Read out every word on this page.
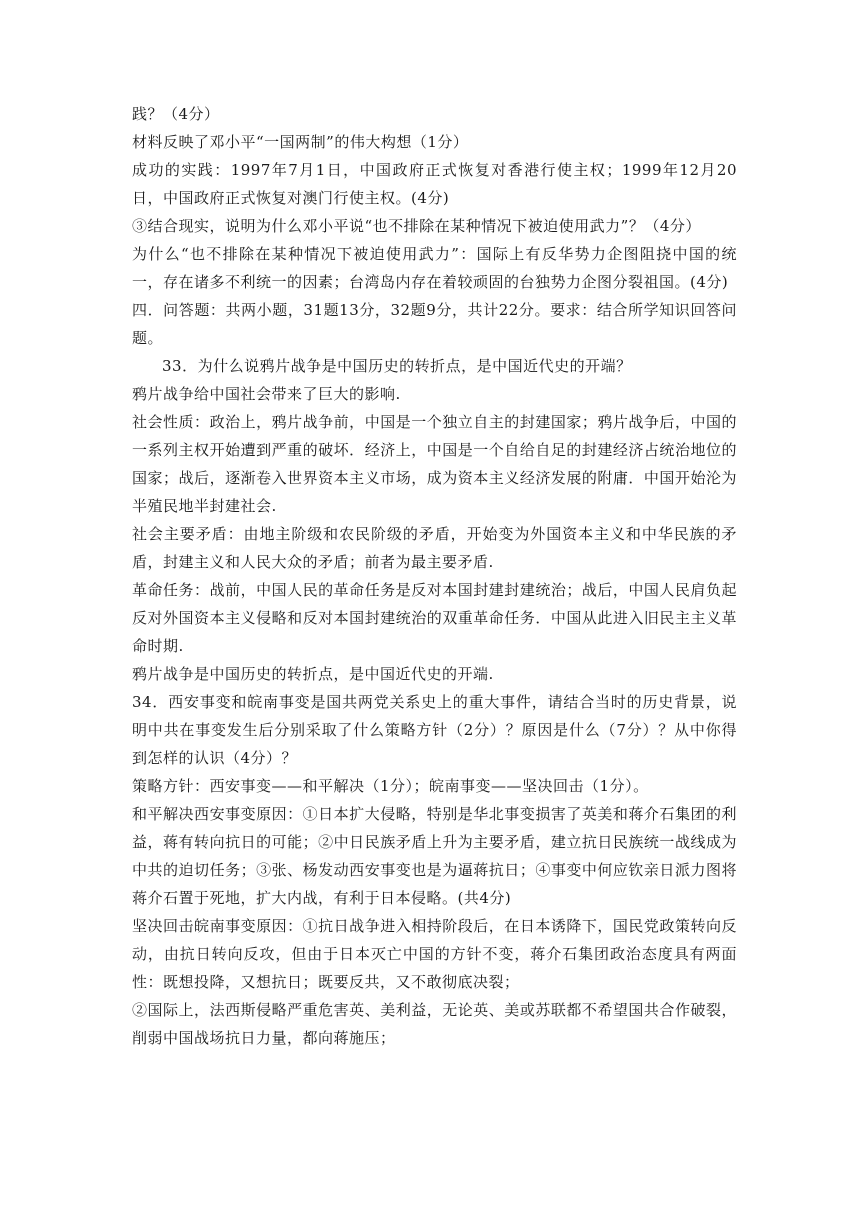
践？（4分）

材料反映了邓小平“一国两制”的伟大构想（1分）

成功的实践：1997年7月1日，中国政府正式恢复对香港行使主权；1999年12月20日，中国政府正式恢复对澳门行使主权。(4分)

③结合现实，说明为什么邓小平说“也不排除在某种情况下被迫使用武力”？（4分）

为什么“也不排除在某种情况下被迫使用武力”：国际上有反华势力企图阻挠中国的统一，存在诸多不利统一的因素；台湾岛内存在着较顽固的台独势力企图分裂祖国。(4分)

四．问答题：共两小题，31题13分，32题9分，共计22分。要求：结合所学知识回答问题。

33．为什么说鸦片战争是中国历史的转折点，是中国近代史的开端？

鸦片战争给中国社会带来了巨大的影响.

社会性质：政治上，鸦片战争前，中国是一个独立自主的封建国家；鸦片战争后，中国的一系列主权开始遭到严重的破坏．经济上，中国是一个自给自足的封建经济占统治地位的国家；战后，逐渐卷入世界资本主义市场，成为资本主义经济发展的附庸．中国开始沦为半殖民地半封建社会.

社会主要矛盾：由地主阶级和农民阶级的矛盾，开始变为外国资本主义和中华民族的矛盾，封建主义和人民大众的矛盾；前者为最主要矛盾.

革命任务：战前，中国人民的革命任务是反对本国封建封建统治；战后，中国人民肩负起反对外国资本主义侵略和反对本国封建统治的双重革命任务．中国从此进入旧民主主义革命时期.

鸦片战争是中国历史的转折点，是中国近代史的开端.

34．西安事变和皖南事变是国共两党关系史上的重大事件，请结合当时的历史背景，说明中共在事变发生后分别采取了什么策略方针（2分）？原因是什么（7分）？从中你得到怎样的认识（4分）？

策略方针：西安事变——和平解决（1分）；皖南事变——坚决回击（1分）。

和平解决西安事变原因：①日本扩大侵略，特别是华北事变损害了英美和蒋介石集团的利益，蒋有转向抗日的可能；②中日民族矛盾上升为主要矛盾，建立抗日民族统一战线成为中共的迫切任务；③张、杨发动西安事变也是为逼蒋抗日；④事变中何应钦亲日派力图将蒋介石置于死地，扩大内战，有利于日本侵略。(共4分)

坚决回击皖南事变原因：①抗日战争进入相持阶段后，在日本诱降下，国民党政策转向反动，由抗日转向反攻，但由于日本灭亡中国的方针不变，蒋介石集团政治态度具有两面性：既想投降，又想抗日；既要反共，又不敢彻底决裂；

②国际上，法西斯侵略严重危害英、美利益，无论英、美或苏联都不希望国共合作破裂，削弱中国战场抗日力量，都向蒋施压；
